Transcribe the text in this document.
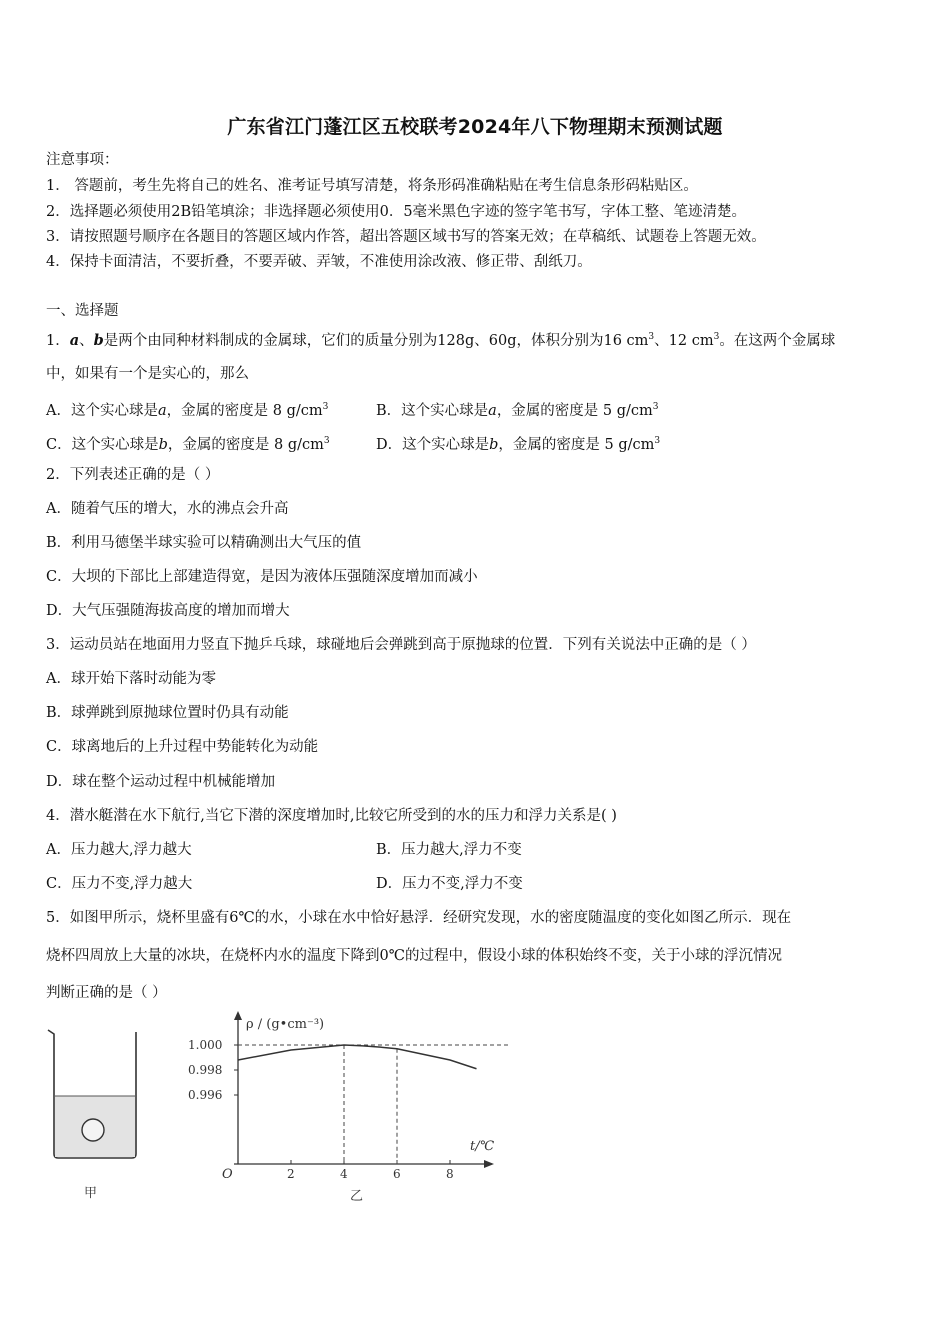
广东省江门蓬江区五校联考2024年八下物理期末预测试题
注意事项：
1． 答题前，考生先将自己的姓名、准考证号填写清楚，将条形码准确粘贴在考生信息条形码粘贴区。
2．选择题必须使用2B铅笔填涂；非选择题必须使用0．5毫米黑色字迹的签字笔书写，字体工整、笔迹清楚。
3．请按照题号顺序在各题目的答题区域内作答，超出答题区域书写的答案无效；在草稿纸、试题卷上答题无效。
4．保持卡面清洁，不要折叠，不要弄破、弄皱，不准使用涂改液、修正带、刮纸刀。
一、选择题
1．a、b是两个由同种材料制成的金属球，它们的质量分别为128g、60g，体积分别为16 $cm^3$、12 $cm^3$。在这两个金属球
中，如果有一个是实心的，那么
A．这个实心球是a，金属的密度是 8 $g/cm^3$	B．这个实心球是a，金属的密度是 5 $g/cm^3$
C．这个实心球是b，金属的密度是 8 $g/cm^3$	D．这个实心球是b，金属的密度是 5 $g/cm^3$
2．下列表述正确的是（ ）
A．随着气压的增大，水的沸点会升高
B．利用马德堡半球实验可以精确测出大气压的值
C．大坝的下部比上部建造得宽，是因为液体压强随深度增加而减小
D．大气压强随海拔高度的增加而增大
3．运动员站在地面用力竖直下抛乒乓球，球碰地后会弹跳到高于原抛球的位置．下列有关说法中正确的是（ ）
A．球开始下落时动能为零
B．球弹跳到原抛球位置时仍具有动能
C．球离地后的上升过程中势能转化为动能
D．球在整个运动过程中机械能增加
4．潜水艇潜在水下航行,当它下潜的深度增加时,比较它所受到的水的压力和浮力关系是( )
A．压力越大,浮力越大	B．压力越大,浮力不变
C．压力不变,浮力越大	D．压力不变,浮力不变
5．如图甲所示，烧杯里盛有6℃的水，小球在水中恰好悬浮．经研究发现，水的密度随温度的变化如图乙所示．现在
烧杯四周放上大量的冰块，在烧杯内水的温度下降到0℃的过程中，假设小球的体积始终不变，关于小球的浮沉情况
判断正确的是（ ）
甲
ρ / (g•cm⁻³)
t/℃
O
1.000
0.998
0.996
2	4	6	8
乙
